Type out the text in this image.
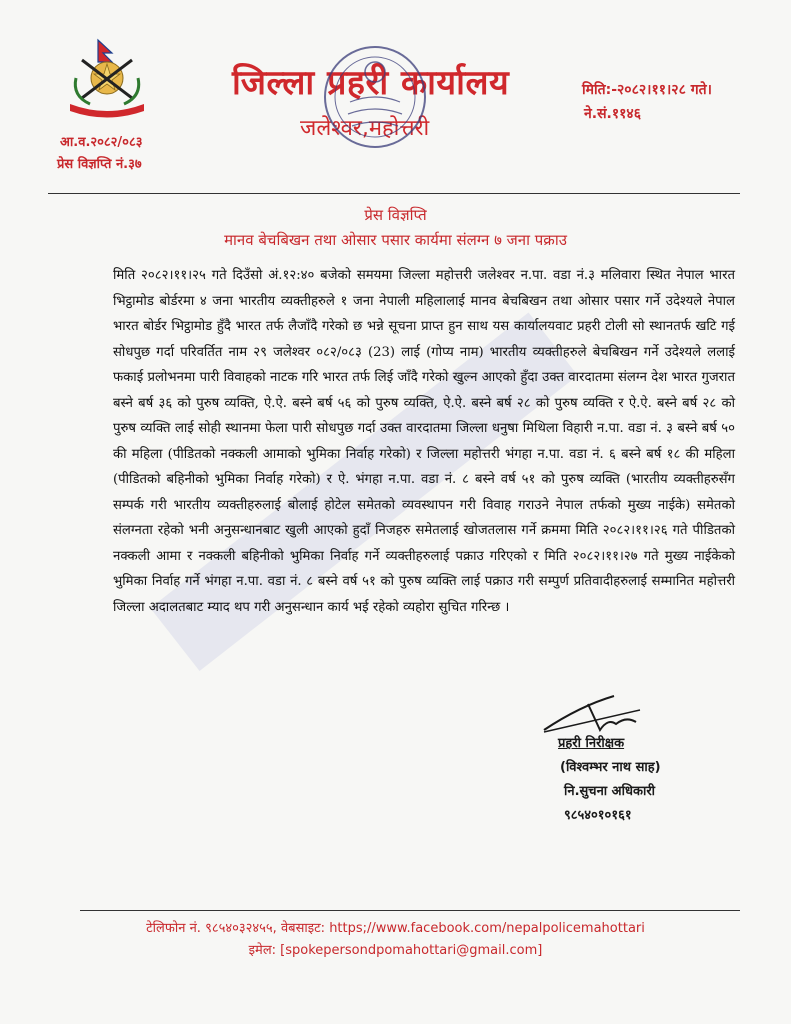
आ.व.२०८२/०८३
प्रेस विज्ञप्ति नं.३७
जिल्ला प्रहरी कार्यालय
जलेश्वर,महोत्तरी
मिति:-२०८२।११।२८ गते।
ने.सं.११४६
प्रेस विज्ञप्ति
मानव बेचबिखन तथा ओसार पसार कार्यमा संलग्न ७ जना पक्राउ

मिति २०८२।११।२५ गते दिउँसो अं.१२:४० बजेको समयमा जिल्ला महोत्तरी जलेश्वर न.पा. वडा नं.३ मलिवारा स्थित नेपाल भारत भिट्ठामोड बोर्डरमा ४ जना भारतीय व्यक्तीहरुले १ जना नेपाली महिलालाई मानव बेचबिखन तथा ओसार पसार गर्ने उदेश्यले नेपाल भारत बोर्डर भिट्ठामोड हुँदै भारत तर्फ लैजाँदै गरेको छ भन्ने सूचना प्राप्त हुन साथ यस कार्यालयवाट प्रहरी टोली सो स्थानतर्फ खटि गई सोधपुछ गर्दा परिवर्तित नाम २९ जलेश्वर ०८२/०८३ (23) लाई (गोप्य नाम) भारतीय व्यक्तीहरुले बेचबिखन गर्ने उदेश्यले ललाई फकाई प्रलोभनमा पारी विवाहको नाटक गरि भारत तर्फ लिई जाँदै गरेको खुल्न आएको हुँदा उक्त वारदातमा संलग्न देश भारत गुजरात बस्ने बर्ष ३६ को पुरुष व्यक्ति, ऐ.ऐ. बस्ने बर्ष ५६ को पुरुष व्यक्ति, ऐ.ऐ. बस्ने बर्ष २८ को पुरुष व्यक्ति र ऐ.ऐ. बस्ने बर्ष २८ को पुरुष व्यक्ति लाई सोही स्थानमा फेला पारी सोधपुछ गर्दा उक्त वारदातमा जिल्ला धनुषा मिथिला विहारी न.पा. वडा नं. ३ बस्ने बर्ष ५० की महिला (पीडितको नक्कली आमाको भुमिका निर्वाह गरेको) र जिल्ला महोत्तरी भंगहा न.पा. वडा नं. ६ बस्ने बर्ष १८ की महिला (पीडितको बहिनीको भुमिका निर्वाह गरेको) र ऐ. भंगहा न.पा. वडा नं. ८ बस्ने वर्ष ५१ को पुरुष व्यक्ति (भारतीय व्यक्तीहरुसँग सम्पर्क गरी भारतीय व्यक्तीहरुलाई बोलाई होटेल समेतको व्यवस्थापन गरी विवाह गराउने नेपाल तर्फको मुख्य नाईके) समेतको संलग्नता रहेको भनी अनुसन्धानबाट खुली आएको हुदाँ निजहरु समेतलाई खोजतलास गर्ने क्रममा मिति २०८२।११।२६ गते पीडितको नक्कली आमा र नक्कली बहिनीको भुमिका निर्वाह गर्ने व्यक्तीहरुलाई पक्राउ गरिएको र मिति २०८२।११।२७ गते मुख्य नाईकेको भुमिका निर्वाह गर्ने भंगहा न.पा. वडा नं. ८ बस्ने वर्ष ५१ को पुरुष व्यक्ति लाई पक्राउ गरी सम्पुर्ण प्रतिवादीहरुलाई सम्मानित महोत्तरी जिल्ला अदालतबाट म्याद थप गरी अनुसन्धान कार्य भई रहेको व्यहोरा सुचित गरिन्छ ।

प्रहरी निरीक्षक
(विश्वम्भर नाथ साह)
नि.सुचना अधिकारी
९८५४०१०१६१
टेलिफोन नं. ९८५४०३२४५५, वेबसाइट: https;//www.facebook.com/nepalpolicemahottari
इमेल: [spokepersondpomahottari@gmail.com]
